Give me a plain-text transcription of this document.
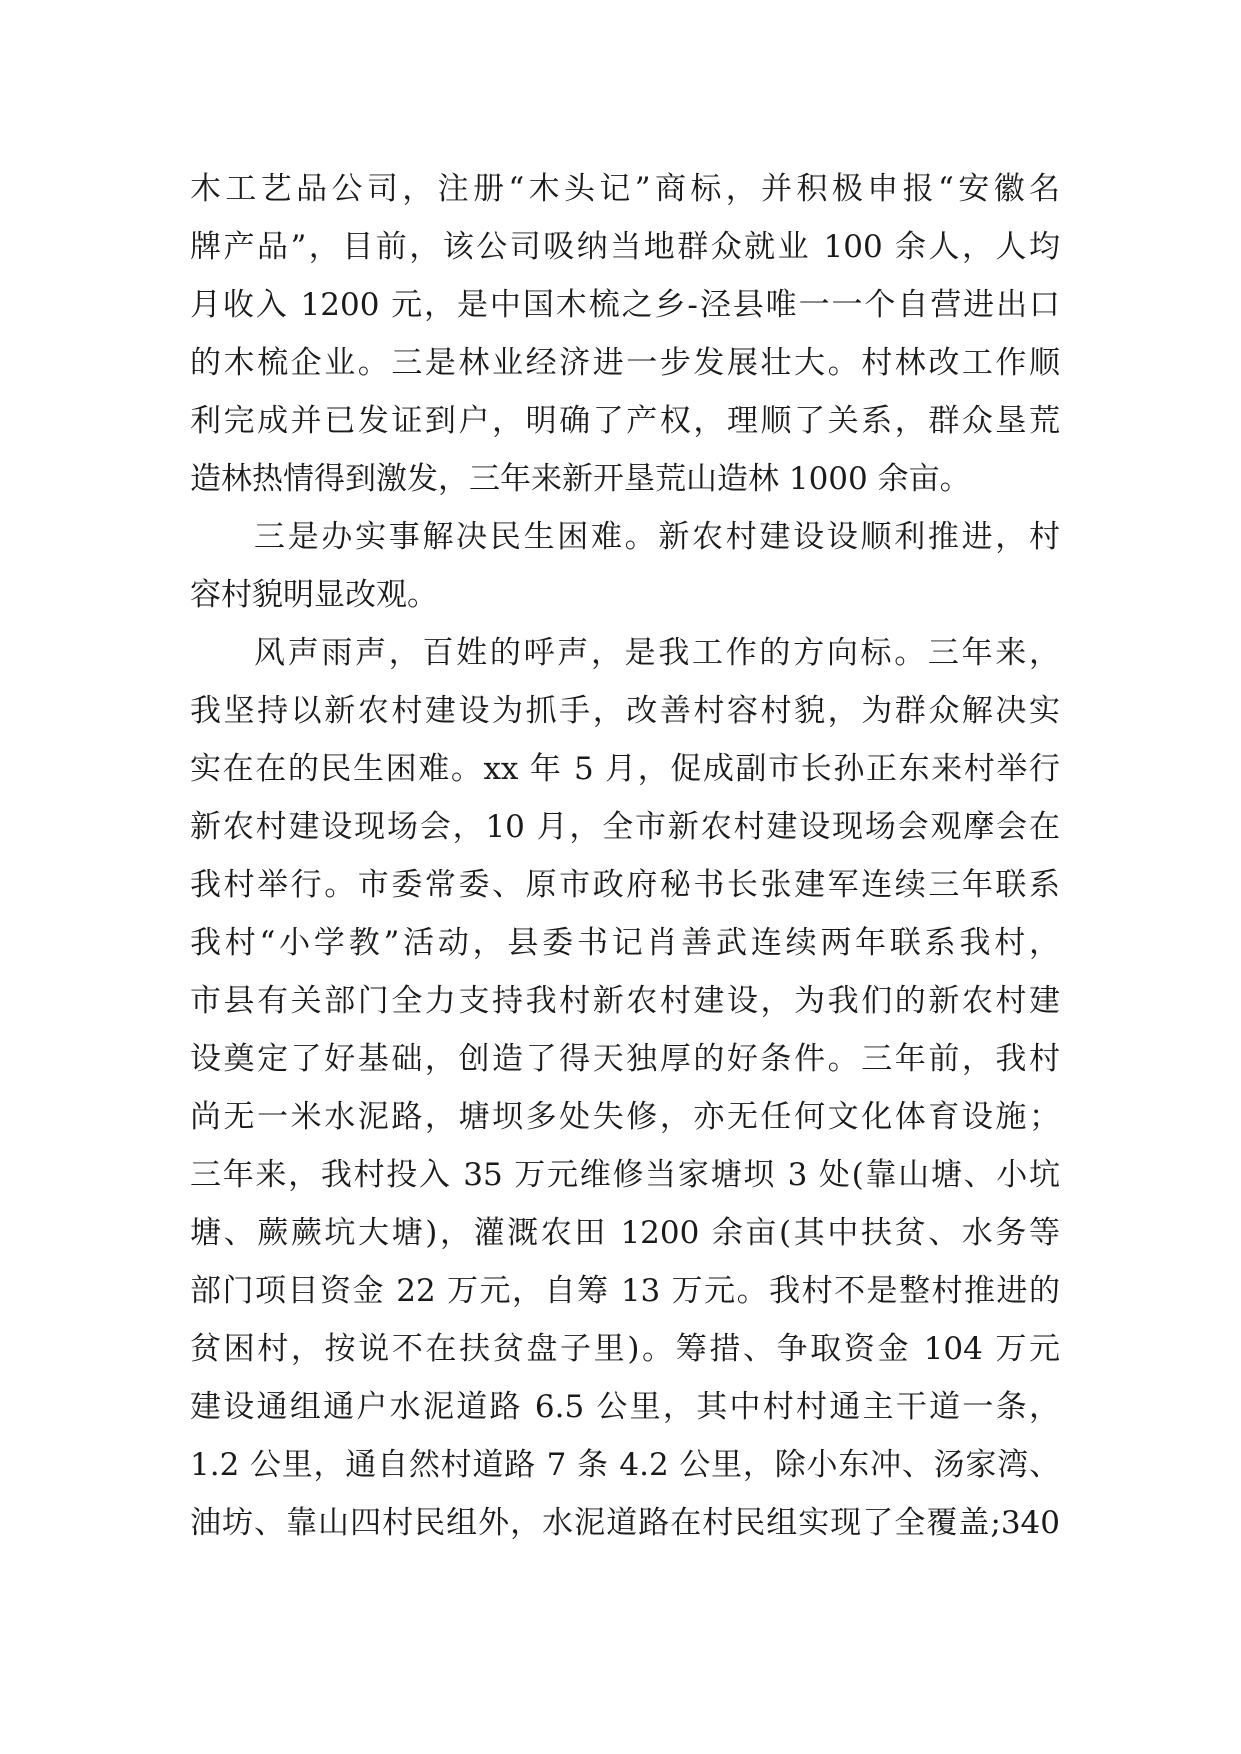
木工艺品公司，注册“木头记”商标，并积极申报“安徽名
牌产品”，目前，该公司吸纳当地群众就业 100 余人，人均
月收入 1200 元，是中国木梳之乡-泾县唯一一个自营进出口
的木梳企业。三是林业经济进一步发展壮大。村林改工作顺
利完成并已发证到户，明确了产权，理顺了关系，群众垦荒
造林热情得到激发，三年来新开垦荒山造林 1000 余亩。
三是办实事解决民生困难。新农村建设设顺利推进，村
容村貌明显改观。
风声雨声，百姓的呼声，是我工作的方向标。三年来，
我坚持以新农村建设为抓手，改善村容村貌，为群众解决实
实在在的民生困难。xx 年 5 月，促成副市长孙正东来村举行
新农村建设现场会，10 月，全市新农村建设现场会观摩会在
我村举行。市委常委、原市政府秘书长张建军连续三年联系
我村“小学教”活动，县委书记肖善武连续两年联系我村，
市县有关部门全力支持我村新农村建设，为我们的新农村建
设奠定了好基础，创造了得天独厚的好条件。三年前，我村
尚无一米水泥路，塘坝多处失修，亦无任何文化体育设施；
三年来，我村投入 35 万元维修当家塘坝 3 处(靠山塘、小坑
塘、蕨蕨坑大塘)，灌溉农田 1200 余亩(其中扶贫、水务等
部门项目资金 22 万元，自筹 13 万元。我村不是整村推进的
贫困村，按说不在扶贫盘子里)。筹措、争取资金 104 万元
建设通组通户水泥道路 6.5 公里，其中村村通主干道一条，
1.2 公里，通自然村道路 7 条 4.2 公里，除小东冲、汤家湾、
油坊、靠山四村民组外，水泥道路在村民组实现了全覆盖;340
